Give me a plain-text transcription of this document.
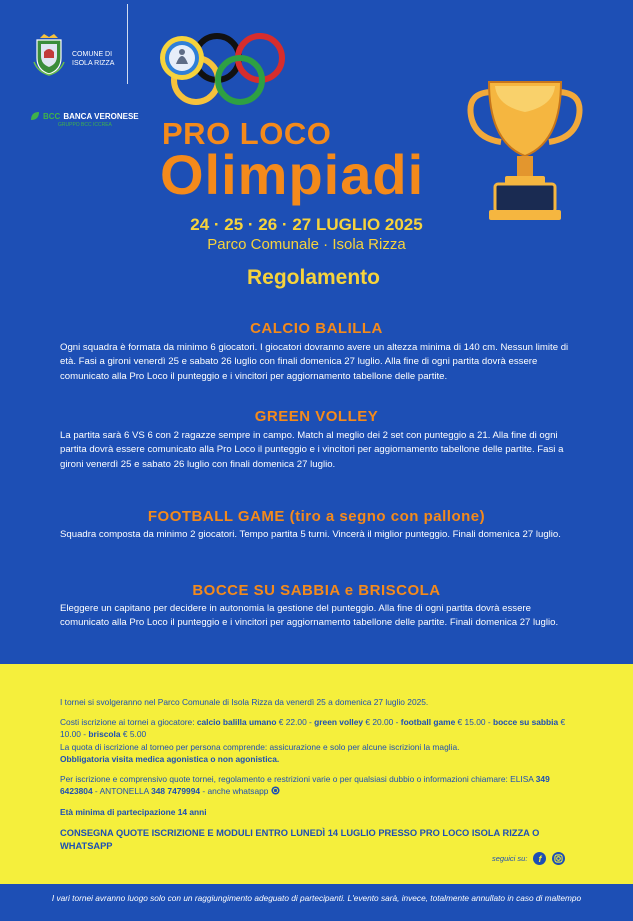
COMUNE DI
ISOLA RIZZA
BCC BANCA VERONESE
GRUPPO BCC ICCREA PRO LOCO
Olimpiadi
24 · 25 · 26 · 27 LUGLIO 2025
Parco Comunale · Isola Rizza
Regolamento
CALCIO BALILLA
Ogni squadra è formata da minimo 6 giocatori. I giocatori dovranno avere un altezza minima di 140 cm. Nessun limite di età. Fasi a gironi venerdì 25 e sabato 26 luglio con finali domenica 27 luglio. Alla fine di ogni partita dovrà essere comunicato alla Pro Loco il punteggio e i vincitori per aggiornamento tabellone delle partite.
GREEN VOLLEY
La partita sarà 6 VS 6 con 2 ragazze sempre in campo. Match al meglio dei 2 set con punteggio a 21. Alla fine di ogni partita dovrà essere comunicato alla Pro Loco il punteggio e i vincitori per aggiornamento tabellone delle partite. Fasi a gironi venerdì 25 e sabato 26 luglio con finali domenica 27 luglio.
FOOTBALL GAME (tiro a segno con pallone)
Squadra composta da minimo 2 giocatori. Tempo partita 5 turni. Vincerà il miglior punteggio. Finali domenica 27 luglio.
BOCCE SU SABBIA e BRISCOLA
Eleggere un capitano per decidere in autonomia la gestione del punteggio. Alla fine di ogni partita dovrà essere comunicato alla Pro Loco il punteggio e i vincitori per aggiornamento tabellone delle partite. Finali domenica 27 luglio.
I tornei si svolgeranno nel Parco Comunale di Isola Rizza da venerdì 25 a domenica 27 luglio 2025.
Costi iscrizione ai tornei a giocatore: calcio balilla umano € 22.00 - green volley € 20.00 - football game € 15.00 - bocce su sabbia € 10.00 - briscola € 5.00
La quota di iscrizione al torneo per persona comprende: assicurazione e solo per alcune iscrizioni la maglia.
Obbligatoria visita medica agonistica o non agonistica.
Per iscrizione e comprensivo quote tornei, regolamento e restrizioni varie o per qualsiasi dubbio o informazioni chiamare: ELISA 349 6423804 - ANTONELLA 348 7479994 - anche whatsapp
Età minima di partecipazione 14 anni
CONSEGNA QUOTE ISCRIZIONE E MODULI ENTRO LUNEDÌ 14 LUGLIO PRESSO PRO LOCO ISOLA RIZZA O WHATSAPP
seguici su:	f
I vari tornei avranno luogo solo con un raggiungimento adeguato di partecipanti. L'evento sarà, invece, totalmente annullato in caso di maltempo
